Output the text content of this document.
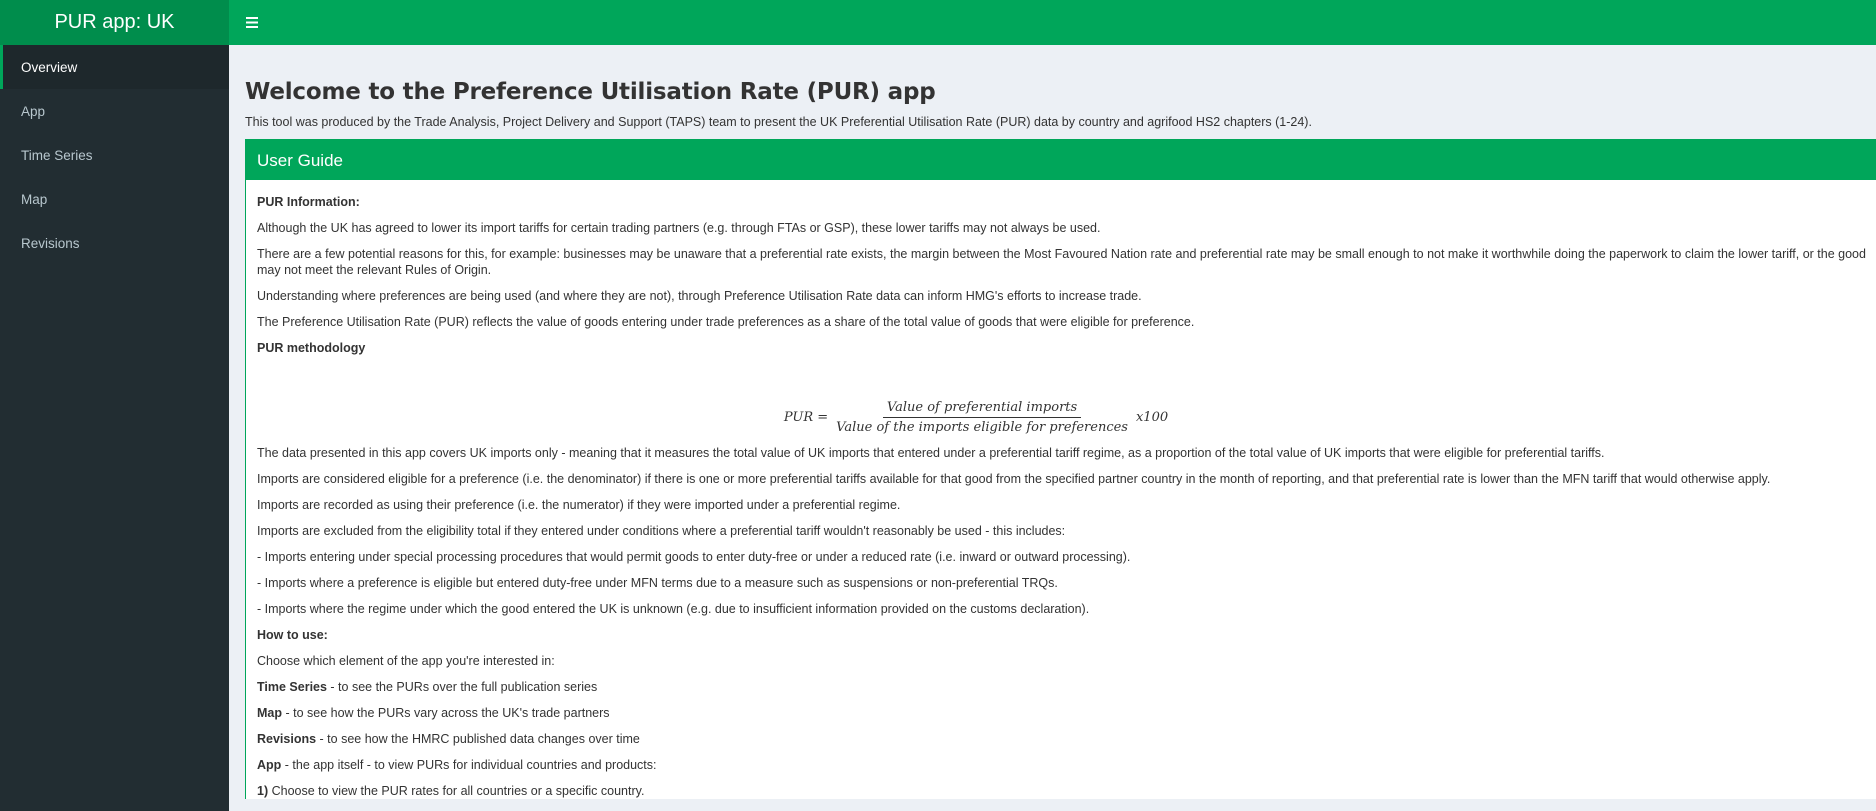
PUR app: UK
Overview
App
Time Series
Map
Revisions
Welcome to the Preference Utilisation Rate (PUR) app

This tool was produced by the Trade Analysis, Project Delivery and Support (TAPS) team to present the UK Preferential Utilisation Rate (PUR) data by country and agrifood HS2 chapters (1-24).

User Guide

PUR Information:

Although the UK has agreed to lower its import tariffs for certain trading partners (e.g. through FTAs or GSP), these lower tariffs may not always be used.

There are a few potential reasons for this, for example: businesses may be unaware that a preferential rate exists, the margin between the Most Favoured Nation rate and preferential rate may be small enough to not make it worthwhile doing the paperwork to claim the lower tariff, or the good may not meet the relevant Rules of Origin.

Understanding where preferences are being used (and where they are not), through Preference Utilisation Rate data can inform HMG's efforts to increase trade.

The Preference Utilisation Rate (PUR) reflects the value of goods entering under trade preferences as a share of the total value of goods that were eligible for preference.

PUR methodology

PUR = $\frac{\text{Value of preferential imports}}{\text{Value of the imports eligible for preferences}} x100$

The data presented in this app covers UK imports only - meaning that it measures the total value of UK imports that entered under a preferential tariff regime, as a proportion of the total value of UK imports that were eligible for preferential tariffs.

Imports are considered eligible for a preference (i.e. the denominator) if there is one or more preferential tariffs available for that good from the specified partner country in the month of reporting, and that preferential rate is lower than the MFN tariff that would otherwise apply.

Imports are recorded as using their preference (i.e. the numerator) if they were imported under a preferential regime.

Imports are excluded from the eligibility total if they entered under conditions where a preferential tariff wouldn't reasonably be used - this includes:

- Imports entering under special processing procedures that would permit goods to enter duty-free or under a reduced rate (i.e. inward or outward processing).

- Imports where a preference is eligible but entered duty-free under MFN terms due to a measure such as suspensions or non-preferential TRQs.

- Imports where the regime under which the good entered the UK is unknown (e.g. due to insufficient information provided on the customs declaration).

How to use:

Choose which element of the app you're interested in:

Time Series - to see the PURs over the full publication series

Map - to see how the PURs vary across the UK's trade partners

Revisions - to see how the HMRC published data changes over time

App - the app itself - to view PURs for individual countries and products:

1) Choose to view the PUR rates for all countries or a specific country.
